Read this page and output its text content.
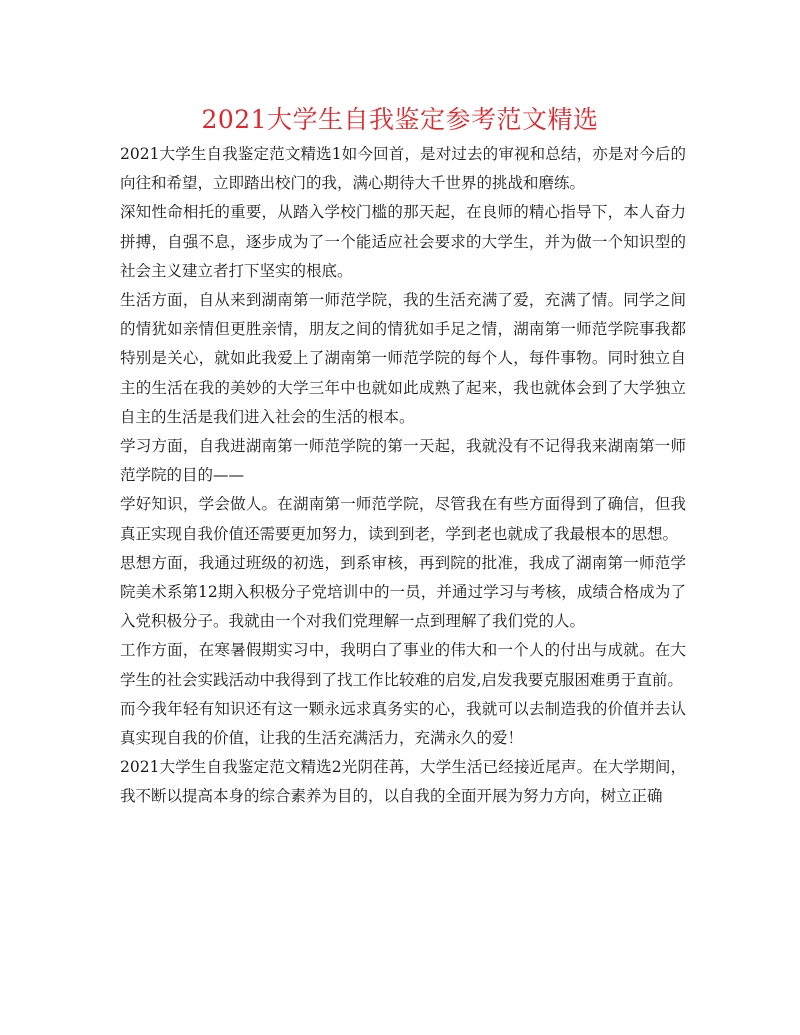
2021大学生自我鉴定参考范文精选

2021大学生自我鉴定范文精选1如今回首，是对过去的审视和总结，亦是对今后的向往和希望，立即踏出校门的我，满心期待大千世界的挑战和磨练。

深知性命相托的重要，从踏入学校门槛的那天起，在良师的精心指导下，本人奋力拼搏，自强不息，逐步成为了一个能适应社会要求的大学生，并为做一个知识型的社会主义建立者打下坚实的根底。

生活方面，自从来到湖南第一师范学院，我的生活充满了爱，充满了情。同学之间的情犹如亲情但更胜亲情，朋友之间的情犹如手足之情，湖南第一师范学院事我都特别是关心，就如此我爱上了湖南第一师范学院的每个人，每件事物。同时独立自主的生活在我的美妙的大学三年中也就如此成熟了起来，我也就体会到了大学独立自主的生活是我们进入社会的生活的根本。

学习方面，自我进湖南第一师范学院的第一天起，我就没有不记得我来湖南第一师范学院的目的——

学好知识，学会做人。在湖南第一师范学院，尽管我在有些方面得到了确信，但我真正实现自我价值还需要更加努力，读到到老，学到老也就成了我最根本的思想。

思想方面，我通过班级的初选，到系审核，再到院的批准，我成了湖南第一师范学院美术系第12期入积极分子党培训中的一员，并通过学习与考核，成绩合格成为了入党积极分子。我就由一个对我们党理解一点到理解了我们党的人。

工作方面，在寒暑假期实习中，我明白了事业的伟大和一个人的付出与成就。在大学生的社会实践活动中我得到了找工作比较难的启发,启发我要克服困难勇于直前。

而今我年轻有知识还有这一颗永远求真务实的心，我就可以去制造我的价值并去认真实现自我的价值，让我的生活充满活力，充满永久的爱！

2021大学生自我鉴定范文精选2光阴荏苒，大学生活已经接近尾声。在大学期间，我不断以提高本身的综合素养为目的，以自我的全面开展为努力方向，树立正确
